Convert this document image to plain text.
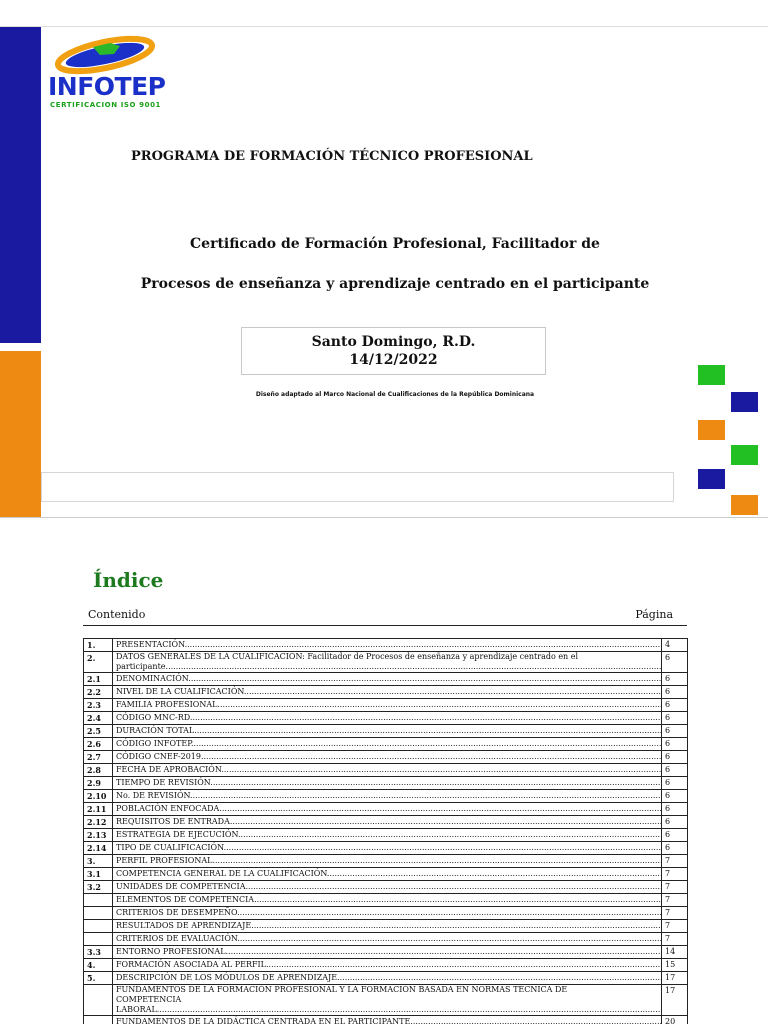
INFOTEP
CERTIFICACION ISO 9001
PROGRAMA DE FORMACIÓN TÉCNICO PROFESIONAL
Certificado de Formación Profesional, Facilitador de
Procesos de enseñanza y aprendizaje centrado en el participante
Santo Domingo, R.D.
14/12/2022
Diseño adaptado al Marco Nacional de Cualificaciones de la República Dominicana
Índice
Contenido	Página
1.	PRESENTACIÓN .....	4
2.	DATOS GENERALES DE LA CUALIFICACIÓN: Facilitador de Procesos de enseñanza y aprendizaje centrado en el
participante .....	6
2.1	DENOMINACIÓN .....	6
2.2	NIVEL DE LA CUALIFICACIÓN .....	6
2.3	FAMILIA PROFESIONAL .....	6
2.4	CÓDIGO MNC-RD .....	6
2.5	DURACIÓN TOTAL .....	6
2.6	CÓDIGO INFOTEP .....	6
2.7	CÓDIGO CNEF-2019 .....	6
2.8	FECHA DE APROBACIÓN .....	6
2.9	TIEMPO DE REVISIÓN .....	6
2.10	No. DE REVISIÓN .....	6
2.11	POBLACIÓN ENFOCADA .....	6
2.12	REQUISITOS DE ENTRADA .....	6
2.13	ESTRATEGIA DE EJECUCIÓN .....	6
2.14	TIPO DE CUALIFICACIÓN .....	6
3.	PERFIL PROFESIONAL .....	7
3.1	COMPETENCIA GENERAL DE LA CUALIFICACIÓN .....	7
3.2	UNIDADES DE COMPETENCIA .....	7
	ELEMENTOS DE COMPETENCIA .....	7
	CRITERIOS DE DESEMPEÑO .....	7
	RESULTADOS DE APRENDIZAJE .....	7
	CRITERIOS DE EVALUACIÓN .....	7
3.3	ENTORNO PROFESIONAL .....	14
4.	FORMACIÓN ASOCIADA AL PERFIL .....	15
5.	DESCRIPCIÓN DE LOS MÓDULOS DE APRENDIZAJE .....	17
	FUNDAMENTOS DE LA FORMACIÓN PROFESIONAL Y LA FORMACIÓN BASADA EN NORMAS TÉCNICA DE
COMPETENCIA LABORAL .....	17
	FUNDAMENTOS DE LA DIDÁCTICA CENTRADA EN EL PARTICIPANTE .....	20
